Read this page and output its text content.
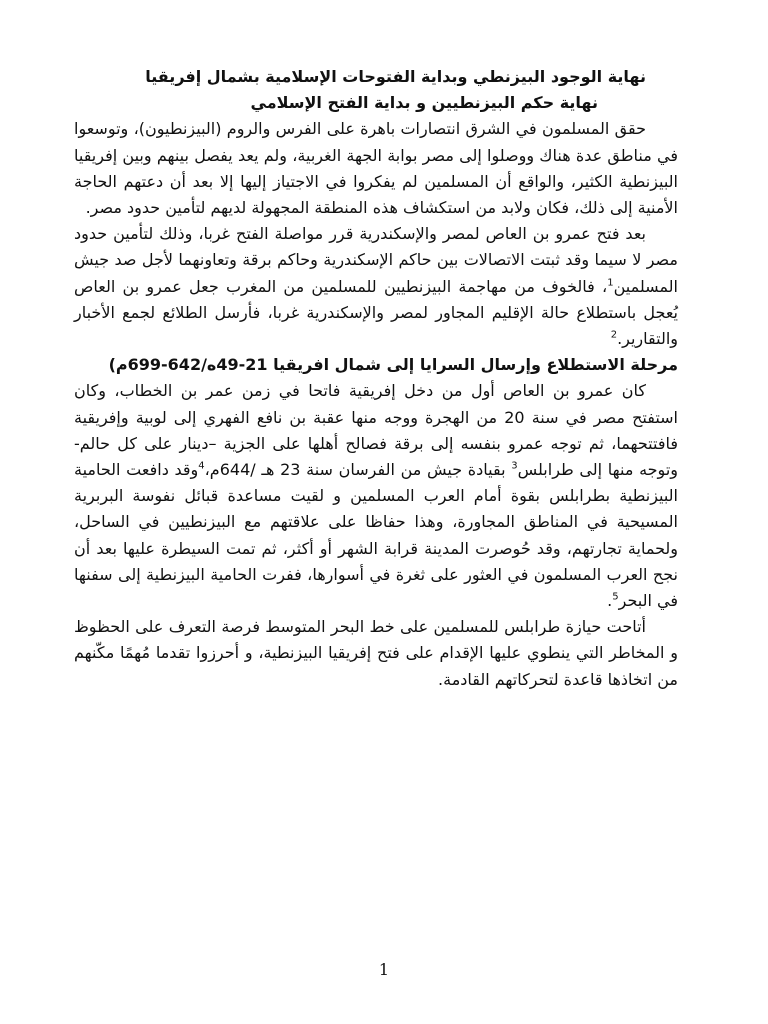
نهاية الوجود البيزنطي وبداية الفتوحات الإسلامية بشمال إفريقيا

نهاية حكم البيزنطيين و بداية الفتح الإسلامي

حقق المسلمون في الشرق انتصارات باهرة على الفرس والروم (البيزنطيون)، وتوسعوا في مناطق عدة هناك ووصلوا إلى مصر بوابة الجهة الغربية، ولم يعد يفصل بينهم وبين إفريقيا البيزنطية الكثير، والواقع أن المسلمين لم يفكروا في الاجتياز إليها إلا بعد أن دعتهم الحاجة الأمنية إلى ذلك، فكان ولابد من استكشاف هذه المنطقة المجهولة لديهم لتأمين حدود مصر.

بعد فتح عمرو بن العاص لمصر والإسكندرية قرر مواصلة الفتح غربا، وذلك لتأمين حدود مصر لا سيما وقد ثبتت الاتصالات بين حاكم الإسكندرية وحاكم برقة وتعاونهما لأجل صد جيش المسلمين$^1$، فالخوف من مهاجمة البيزنطيين للمسلمين من المغرب جعل عمرو بن العاص يُعجل باستطلاع حالة الإقليم المجاور لمصر والإسكندرية غربا، فأرسل الطلائع لجمع الأخبار والتقارير.$^2$

مرحلة الاستطلاع وإرسال السرايا إلى شمال افريقيا 21-49ه/642-699م)

كان عمرو بن العاص أول من دخل إفريقية فاتحا في زمن عمر بن الخطاب، وكان استفتح مصر في سنة 20 من الهجرة ووجه منها عقبة بن نافع الفهري إلى لوبية وإفريقية فافتتحهما، ثم توجه عمرو بنفسه إلى برقة فصالح أهلها على الجزية –دينار على كل حالم- وتوجه منها إلى طرابلس$^3$ بقيادة جيش من الفرسان سنة 23 هـ /644م،$^4$وقد دافعت الحامية البيزنطية بطرابلس بقوة أمام العرب المسلمين و لقيت مساعدة قبائل نفوسة البربرية المسيحية في المناطق المجاورة، وهذا حفاظا على علاقتهم مع البيزنطيين في الساحل، ولحماية تجارتهم، وقد حُوصرت المدينة قرابة الشهر أو أكثر، ثم تمت السيطرة عليها بعد أن نجح العرب المسلمون في العثور على ثغرة في أسوارها، ففرت الحامية البيزنطية إلى سفنها في البحر$^5$.

أتاحت حيازة طرابلس للمسلمين على خط البحر المتوسط فرصة التعرف على الحظوظ و المخاطر التي ينطوي عليها الإقدام على فتح إفريقيا البيزنطية، و أحرزوا تقدما مُهمًا مكّنهم من اتخاذها قاعدة لتحركاتهم القادمة.

1
